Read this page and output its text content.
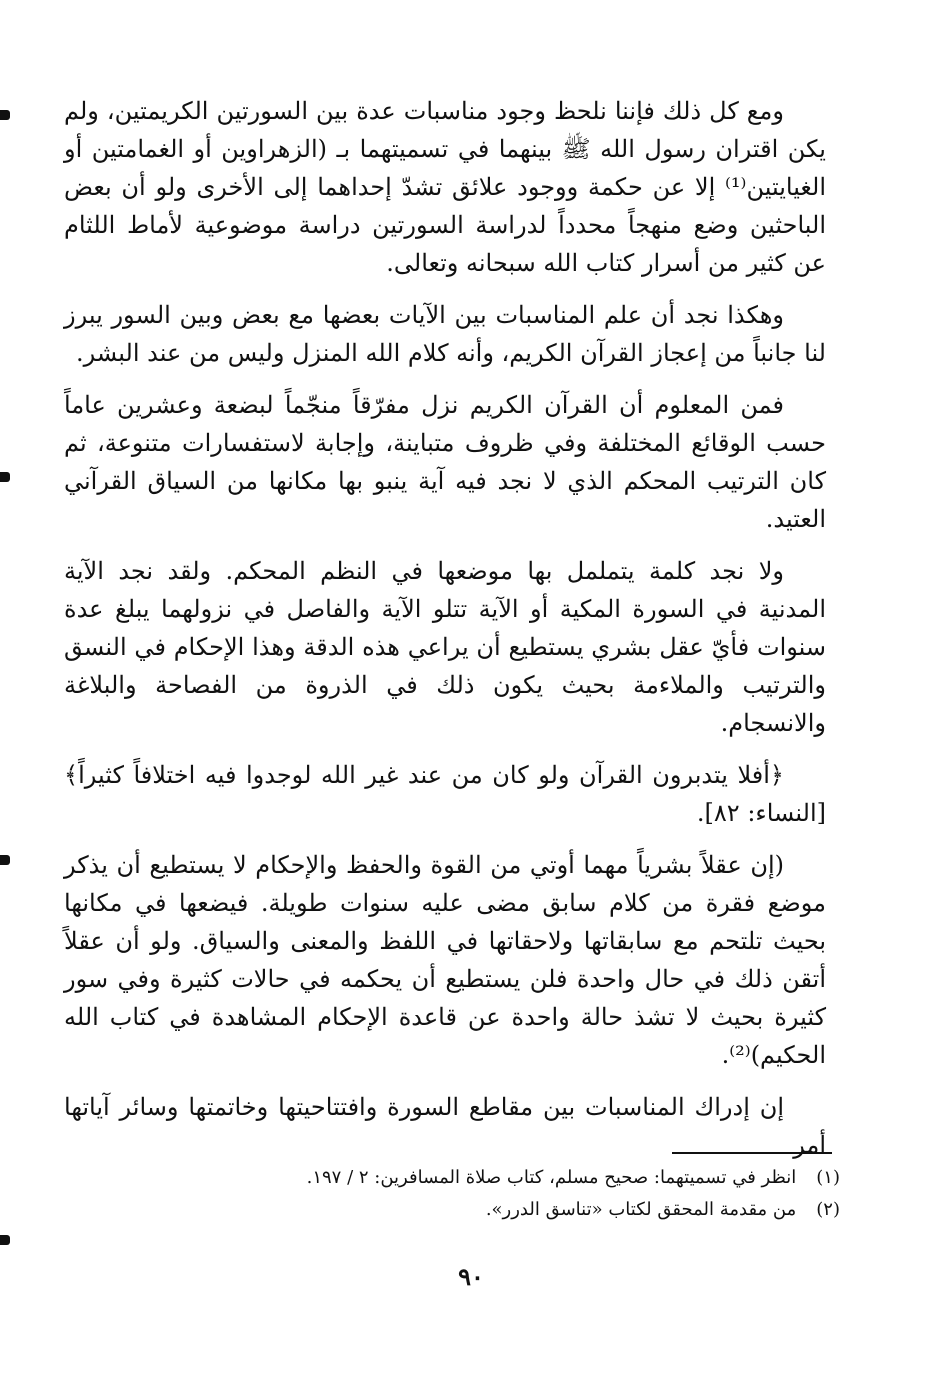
ومع كل ذلك فإننا نلحظ وجود مناسبات عدة بين السورتين الكريمتين، ولم يكن اقتران رسول الله ﷺ بينهما في تسميتهما بـ (الزهراوين أو الغمامتين أو الغيايتين⁽¹⁾ إلا عن حكمة ووجود علائق تشدّ إحداهما إلى الأخرى ولو أن بعض الباحثين وضع منهجاً محدداً لدراسة السورتين دراسة موضوعية لأماط اللثام عن كثير من أسرار كتاب الله سبحانه وتعالى.

وهكذا نجد أن علم المناسبات بين الآيات بعضها مع بعض وبين السور يبرز لنا جانباً من إعجاز القرآن الكريم، وأنه كلام الله المنزل وليس من عند البشر.

فمن المعلوم أن القرآن الكريم نزل مفرّقاً منجّماً لبضعة وعشرين عاماً حسب الوقائع المختلفة وفي ظروف متباينة، وإجابة لاستفسارات متنوعة، ثم كان الترتيب المحكم الذي لا نجد فيه آية ينبو بها مكانها من السياق القرآني العتيد.

ولا نجد كلمة يتململ بها موضعها في النظم المحكم. ولقد نجد الآية المدنية في السورة المكية أو الآية تتلو الآية والفاصل في نزولهما يبلغ عدة سنوات فأيّ عقل بشري يستطيع أن يراعي هذه الدقة وهذا الإحكام في النسق والترتيب والملاءمة بحيث يكون ذلك في الذروة من الفصاحة والبلاغة والانسجام.

﴿أفلا يتدبرون القرآن ولو كان من عند غير الله لوجدوا فيه اختلافاً كثيراً﴾ [النساء: ٨٢].

(إن عقلاً بشرياً مهما أوتي من القوة والحفظ والإحكام لا يستطيع أن يذكر موضع فقرة من كلام سابق مضى عليه سنوات طويلة. فيضعها في مكانها بحيث تلتحم مع سابقاتها ولاحقاتها في اللفظ والمعنى والسياق. ولو أن عقلاً أتقن ذلك في حال واحدة فلن يستطيع أن يحكمه في حالات كثيرة وفي سور كثيرة بحيث لا تشذ حالة واحدة عن قاعدة الإحكام المشاهدة في كتاب الله الحكيم)⁽²⁾.

إن إدراك المناسبات بين مقاطع السورة وافتتاحيتها وخاتمتها وسائر آياتها أمر

(١) انظر في تسميتهما: صحيح مسلم، كتاب صلاة المسافرين: ٢ / ١٩٧.
(٢) من مقدمة المحقق لكتاب «تناسق الدرر».
٩٠
